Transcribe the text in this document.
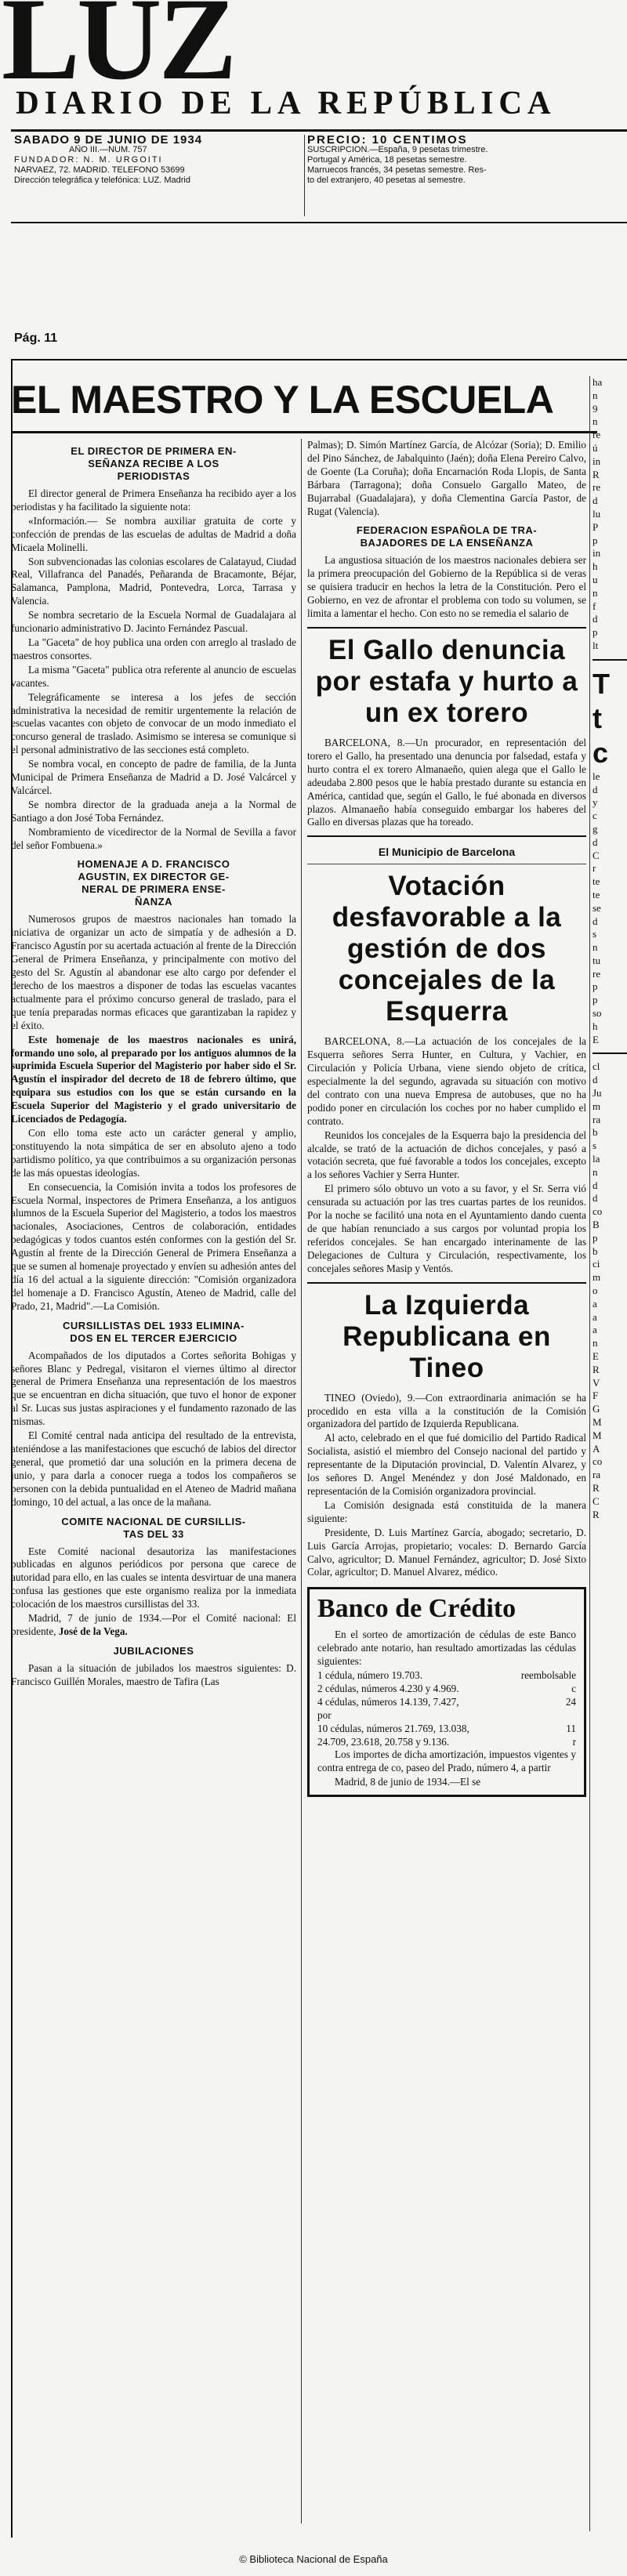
LUZ
DIARIO DE LA REPÚBLICA
SABADO 9 DE JUNIO DE 1934
AÑO III.—NUM. 757
FUNDADOR: N. M. URGOITI
NARVAEZ, 72. MADRID. TELEFONO 53699
Dirección telegráfica y telefónica: LUZ. Madrid
PRECIO: 10 CENTIMOS
SUSCRIPCION.—España, 9 pesetas trimestre.
Portugal y América, 18 pesetas semestre.
Marruecos francés, 34 pesetas semestre. Res-
to del extranjero, 40 pesetas al semestre.
Pág. 11
EL MAESTRO Y LA ESCUELA
EL DIRECTOR DE PRIMERA EN-
SEÑANZA RECIBE A LOS
PERIODISTAS
El director general de Primera Enseñanza ha recibido ayer a los periodistas y ha facilitado la siguiente nota:
«Información.— Se nombra auxiliar gratuita de corte y confección de prendas de las escuelas de adultas de Madrid a doña Micaela Molinelli.
Son subvencionadas las colonias escolares de Calatayud, Ciudad Real, Villafranca del Panadés, Peñaranda de Bracamonte, Béjar, Salamanca, Pamplona, Madrid, Pontevedra, Lorca, Tarrasa y Valencia.
Se nombra secretario de la Escuela Normal de Guadalajara al funcionario administrativo D. Jacinto Fernández Pascual.
La "Gaceta" de hoy publica una orden con arreglo al traslado de maestros consortes.
La misma "Gaceta" publica otra referente al anuncio de escuelas vacantes.
Telegráficamente se interesa a los jefes de sección administrativa la necesidad de remitir urgentemente la relación de escuelas vacantes con objeto de convocar de un modo inmediato el concurso general de traslado. Asimismo se interesa se comunique si el personal administrativo de las secciones está completo.
Se nombra vocal, en concepto de padre de familia, de la Junta Municipal de Primera Enseñanza de Madrid a D. José Valcárcel y Valcárcel.
Se nombra director de la graduada aneja a la Normal de Santiago a don José Toba Fernández.
Nombramiento de vicedirector de la Normal de Sevilla a favor del señor Fombuena.»
HOMENAJE A D. FRANCISCO
AGUSTIN, EX DIRECTOR GE-
NERAL DE PRIMERA ENSE-
ÑANZA
Numerosos grupos de maestros nacionales han tomado la iniciativa de organizar un acto de simpatía y de adhesión a D. Francisco Agustín por su acertada actuación al frente de la Dirección General de Primera Enseñanza, y principalmente con motivo del gesto del Sr. Agustín al abandonar ese alto cargo por defender el derecho de los maestros a disponer de todas las escuelas vacantes actualmente para el próximo concurso general de traslado, para el que tenía preparadas normas eficaces que garantizaban la rapidez y el éxito.
Este homenaje de los maestros nacionales es unirá, formando uno solo, al preparado por los antiguos alumnos de la suprimida Escuela Superior del Magisterio por haber sido el Sr. Agustín el inspirador del decreto de 18 de febrero último, que equipara sus estudios con los que se están cursando en la Escuela Superior del Magisterio y el grado universitario de Licenciados de Pedagogía.
Con ello toma este acto un carácter general y amplio, constituyendo la nota simpática de ser en absoluto ajeno a todo partidismo político, ya que contribuimos a su organización personas de las más opuestas ideologías.
En consecuencia, la Comisión invita a todos los profesores de Escuela Normal, inspectores de Primera Enseñanza, a los antiguos alumnos de la Escuela Superior del Magisterio, a todos los maestros nacionales, Asociaciones, Centros de colaboración, entidades pedagógicas y todos cuantos estén conformes con la gestión del Sr. Agustín al frente de la Dirección General de Primera Enseñanza a que se sumen al homenaje proyectado y envíen su adhesión antes del día 16 del actual a la siguiente dirección: "Comisión organizadora del homenaje a D. Francisco Agustín, Ateneo de Madrid, calle del Prado, 21, Madrid".—La Comisión.
CURSILLISTAS DEL 1933 ELIMINA-
DOS EN EL TERCER EJERCICIO
Acompañados de los diputados a Cortes señorita Bohigas y señores Blanc y Pedregal, visitaron el viernes último al director general de Primera Enseñanza una representación de los maestros que se encuentran en dicha situación, que tuvo el honor de exponer al Sr. Lucas sus justas aspiraciones y el fundamento razonado de las mismas.
El Comité central nada anticipa del resultado de la entrevista, ateniéndose a las manifestaciones que escuchó de labios del director general, que prometió dar una solución en la primera decena de junio, y para darla a conocer ruega a todos los compañeros se personen con la debida puntualidad en el Ateneo de Madrid mañana domingo, 10 del actual, a las once de la mañana.
COMITE NACIONAL DE CURSILLIS-
TAS DEL 33
Este Comité nacional desautoriza las manifestaciones publicadas en algunos periódicos por persona que carece de autoridad para ello, en las cuales se intenta desvirtuar de una manera confusa las gestiones que este organismo realiza por la inmediata colocación de los maestros cursillistas del 33.
Madrid, 7 de junio de 1934.—Por el Comité nacional: El presidente, José de la Vega.
JUBILACIONES
Pasan a la situación de jubilados los maestros siguientes: D. Francisco Guillén Morales, maestro de Tafira (Las
Palmas); D. Simón Martínez García, de Alcózar (Soria); D. Emilio del Pino Sánchez, de Jabalquinto (Jaén); doña Elena Pereiro Calvo, de Goente (La Coruña); doña Encarnación Roda Llopis, de Santa Bárbara (Tarragona); doña Consuelo Gargallo Mateo, de Bujarrabal (Guadalajara), y doña Clementina García Pastor, de Rugat (Valencia).
FEDERACION ESPAÑOLA DE TRA-
BAJADORES DE LA ENSEÑANZA
La angustiosa situación de los maestros nacionales debiera ser la primera preocupación del Gobierno de la República si de veras se quisiera traducir en hechos la letra de la Constitución. Pero el Gobierno, en vez de afrontar el problema con todo su volumen, se limita a lamentar el hecho. Con esto no se remedia el salario de
El Gallo denuncia por estafa y hurto a un ex torero
BARCELONA, 8.—Un procurador, en representación del torero el Gallo, ha presentado una denuncia por falsedad, estafa y hurto contra el ex torero Almanaeño, quien alega que el Gallo le adeudaba 2.800 pesos que le había prestado durante su estancia en América, cantidad que, según el Gallo, le fué abonada en diversos plazos. Almanaeño había conseguido embargar los haberes del Gallo en diversas plazas que ha toreado.
El Municipio de Barcelona
Votación desfavorable a la gestión de dos concejales de la Esquerra
BARCELONA, 8.—La actuación de los concejales de la Esquerra señores Serra Hunter, en Cultura, y Vachier, en Circulación y Policía Urbana, viene siendo objeto de crítica, especialmente la del segundo, agravada su situación con motivo del contrato con una nueva Empresa de autobuses, que no ha podido poner en circulación los coches por no haber cumplido el contrato.
Reunidos los concejales de la Esquerra bajo la presidencia del alcalde, se trató de la actuación de dichos concejales, y pasó a votación secreta, que fué favorable a todos los concejales, excepto a los señores Vachier y Serra Hunter.
El primero sólo obtuvo un voto a su favor, y el Sr. Serra vió censurada su actuación por las tres cuartas partes de los reunidos. Por la noche se facilitó una nota en el Ayuntamiento dando cuenta de que habían renunciado a sus cargos por voluntad propia los referidos concejales. Se han encargado interinamente de las Delegaciones de Cultura y Circulación, respectivamente, los concejales señores Masip y Ventós.
La Izquierda Republicana en Tineo
TINEO (Oviedo), 9.—Con extraordinaria animación se ha procedido en esta villa a la constitución de la Comisión organizadora del partido de Izquierda Republicana.
Al acto, celebrado en el que fué domicilio del Partido Radical Socialista, asistió el miembro del Consejo nacional del partido y representante de la Diputación provincial, D. Valentín Alvarez, y los señores D. Angel Menéndez y don José Maldonado, en representación de la Comisión organizadora provincial.
La Comisión designada está constituida de la manera siguiente:
Presidente, D. Luis Martínez García, abogado; secretario, D. Luis García Arrojas, propietario; vocales: D. Bernardo García Calvo, agricultor; D. Manuel Fernández, agricultor; D. José Sixto Colar, agricultor; D. Manuel Alvarez, médico.
Banco de Crédito
En el sorteo de amortización de cédulas de este Banco celebrado ante notario, han resultado amortizadas las cédulas siguientes:
1 cédula, número 19.703.	reembolsable
2 cédulas, números 4.230 y 4.969.	c
4 cédulas, números 14.139, 7.427,	24
por
10 cédulas, números 21.769, 13.038,	11
24.709, 23.618, 20.758 y 9.136.	r
Los importes de dicha amortización, impuestos vigentes y contra entrega de co, paseo del Prado, número 4, a partir
Madrid, 8 de junio de 1934.—El se
ha
n
9
n
re
ú
in
R
re
d
lu
P
p
in
h
u
n
f
d
p
lt
T
t
c
le
d
y
c
g
d
C
r
te
te
se
d
s
n
tu
re
p
p
so
h
E
cl
d
Ju
m
ra
b
s
la
n
d
d
co
B
p
b
ci
m
o
a
a
a
n
E
R
V
F
G
M
M
A
co
ra
R
C
R
© Biblioteca Nacional de España
